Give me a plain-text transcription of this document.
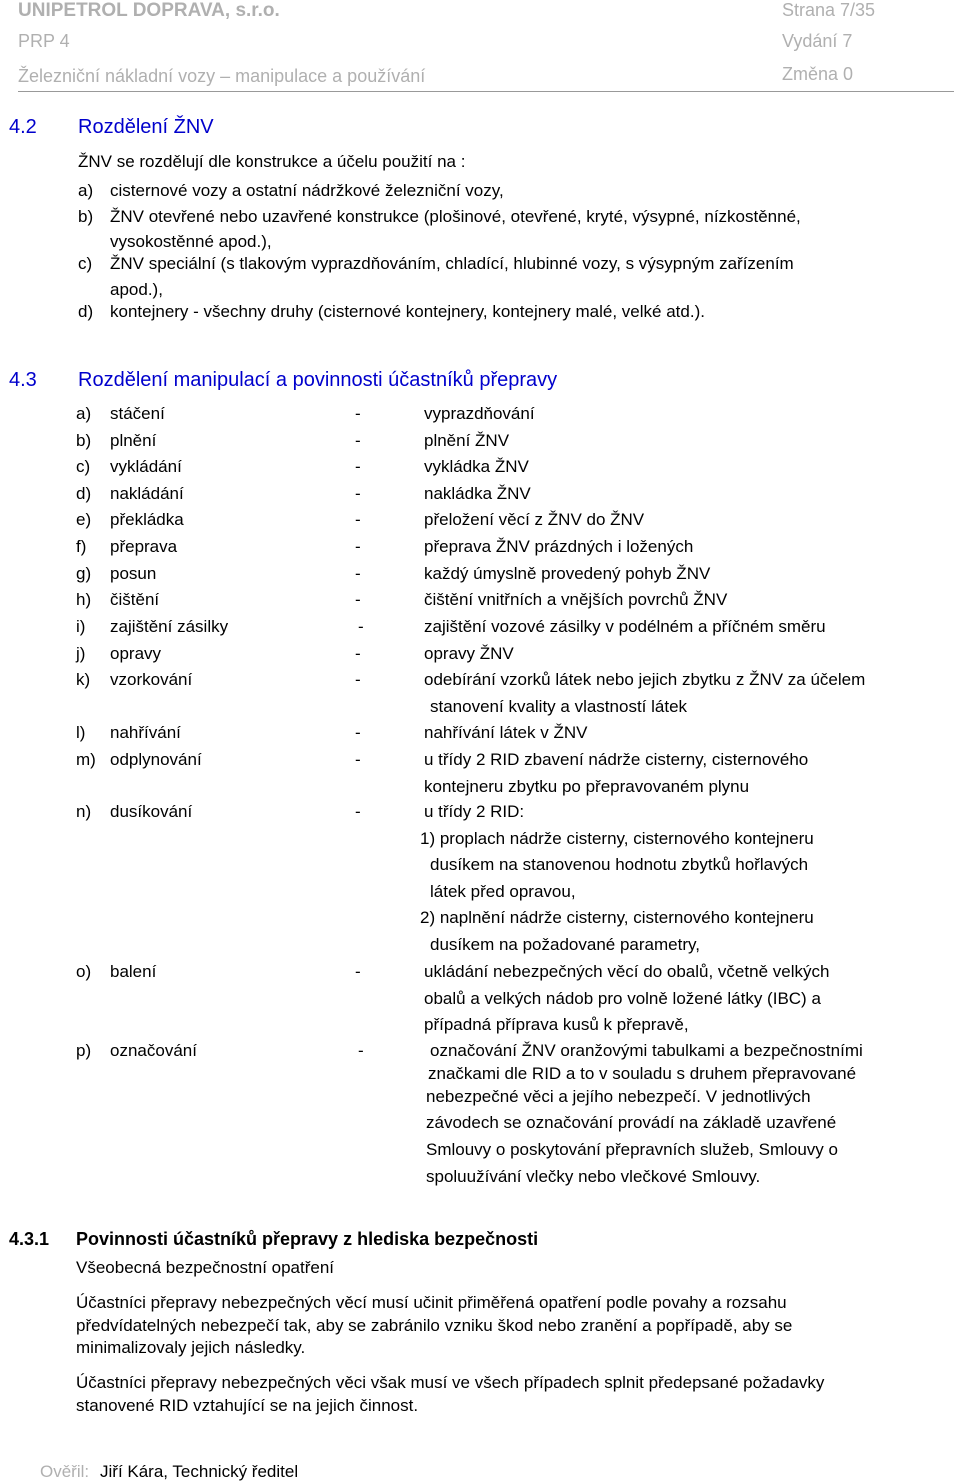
UNIPETROL DOPRAVA, s.r.o.	Strana 7/35
PRP 4	Vydání 7
Železniční nákladní vozy – manipulace a používání	Změna 0
4.2 Rozdělení ŽNV
ŽNV se rozdělují dle konstrukce a účelu použití na :
a) cisternové vozy a ostatní nádržkové železniční vozy,
b) ŽNV otevřené nebo uzavřené konstrukce (plošinové, otevřené, kryté, výsypné, nízkostěnné,
vysokostěnné apod.),
c) ŽNV speciální (s tlakovým vyprazdňováním, chladící, hlubinné vozy, s výsypným zařízením
apod.),
d) kontejnery - všechny druhy (cisternové kontejnery, kontejnery malé, velké atd.).
4.3 Rozdělení manipulací a povinnosti účastníků přepravy
a) stáčení	-	vyprazdňování
b) plnění	-	plnění ŽNV
c) vykládání	-	vykládka ŽNV
d) nakládání	-	nakládka ŽNV
e) překládka	-	přeložení věcí z ŽNV do ŽNV
f) přeprava	-	přeprava ŽNV prázdných i ložených
g) posun	-	každý úmyslně provedený pohyb ŽNV
h) čištění	-	čištění vnitřních a vnějších povrchů ŽNV
i) zajištění zásilky	-	zajištění vozové zásilky v podélném a příčném směru
j) opravy	-	opravy ŽNV
k) vzorkování	-	odebírání vzorků látek nebo jejich zbytku z ŽNV za účelem
stanovení kvality a vlastností látek
l) nahřívání	-	nahřívání látek v ŽNV
m) odplynování	-	u třídy 2 RID zbavení nádrže cisterny, cisternového
kontejneru zbytku po přepravovaném plynu
n) dusíkování	-	u třídy 2 RID:
1) proplach nádrže cisterny, cisternového kontejneru
dusíkem na stanovenou hodnotu zbytků hořlavých
látek před opravou,
2) naplnění nádrže cisterny, cisternového kontejneru
dusíkem na požadované parametry,
o) balení	-	ukládání nebezpečných věcí do obalů, včetně velkých
obalů a velkých nádob pro volně ložené látky (IBC) a
případná příprava kusů k přepravě,
p) označování	-	označování ŽNV oranžovými tabulkami a bezpečnostními
značkami dle RID a to v souladu s druhem přepravované
nebezpečné věci a jejího nebezpečí. V jednotlivých
závodech se označování provádí na základě uzavřené
Smlouvy o poskytování přepravních služeb, Smlouvy o
spoluužívání vlečky nebo vlečkové Smlouvy.
4.3.1 Povinnosti účastníků přepravy z hlediska bezpečnosti
Všeobecná bezpečnostní opatření
Účastníci přepravy nebezpečných věcí musí učinit přiměřená opatření podle povahy a rozsahu
předvídatelných nebezpečí tak, aby se zabránilo vzniku škod nebo zranění a popřípadě, aby se
minimalizovaly jejich následky.
Účastníci přepravy nebezpečných věci však musí ve všech případech splnit předepsané požadavky
stanovené RID vztahující se na jejich činnost.
Ověřil: Jiří Kára, Technický ředitel
